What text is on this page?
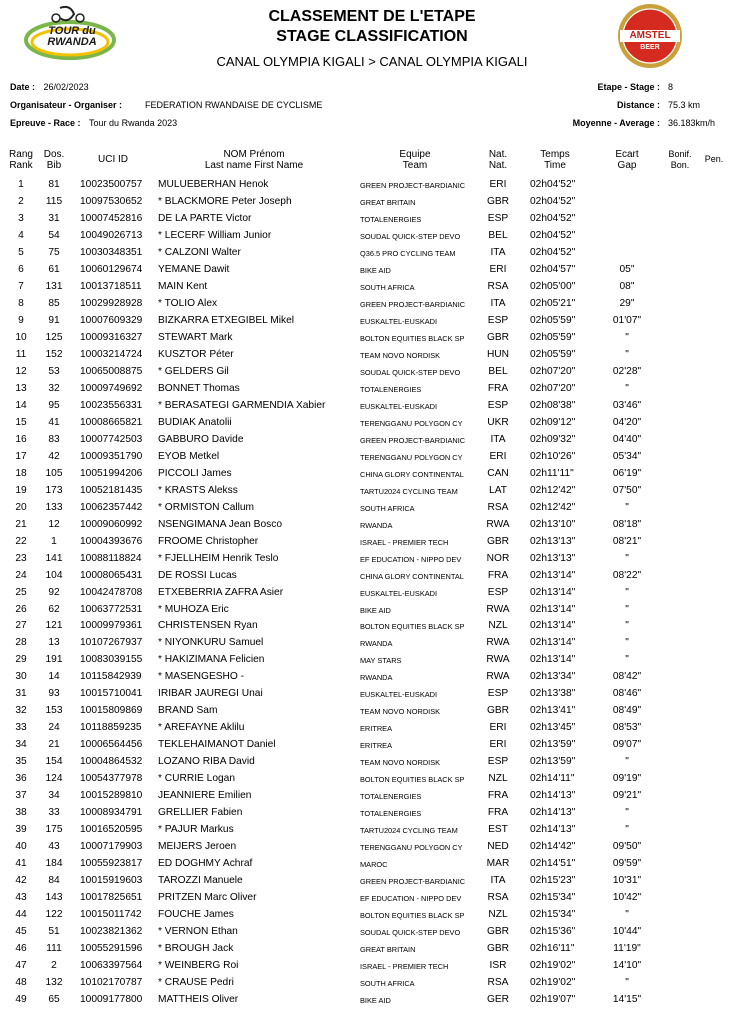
TOUR du RWANDA
AMSTEL
BEER
CLASSEMENT DE L'ETAPE
STAGE CLASSIFICATION
CANAL OLYMPIA KIGALI > CANAL OLYMPIA KIGALI
Date : 26/02/2023
Organisateur - Organiser :	FEDERATION RWANDAISE DE CYCLISME
Epreuve - Race : Tour du Rwanda 2023
Etape - Stage : 8
Distance : 75.3 km
Moyenne - Average : 36.183km/h
Rang
Rank
Dos.
Bib
UCI ID	NOM Prénom
Last name First Name
Equipe
Team
Nat.
Nat.
Temps
Time
Ecart
Gap
Bonif.
Bon.
Pen.
1	81	10023500757 MULUEBERHAN Henok	GREEN PROJECT-BARDIANIC	ERI	02h04'52"
2	115	10097530652 * BLACKMORE Peter Joseph	GREAT BRITAIN	GBR	02h04'52"
3	31	10007452816 DE LA PARTE Victor	TOTALENERGIES	ESP	02h04'52"
4	54	10049026713 * LECERF William Junior	SOUDAL QUICK-STEP DEVO	BEL	02h04'52"
5	75	10030348351 * CALZONI Walter	Q36.5 PRO CYCLING TEAM	ITA	02h04'52"
6	61	10060129674 YEMANE Dawit	BIKE AID	ERI	02h04'57"	05"
7	131	10013718511 MAIN Kent	SOUTH AFRICA	RSA	02h05'00"	08"
8	85	10029928928 * TOLIO Alex	GREEN PROJECT-BARDIANIC	ITA	02h05'21"	29"
9	91	10007609329 BIZKARRA ETXEGIBEL Mikel	EUSKALTEL-EUSKADI	ESP	02h05'59"	01'07"
10	125	10009316327 STEWART Mark	BOLTON EQUITIES BLACK SP	GBR	02h05'59"	"
11	152	10003214724 KUSZTOR Péter	TEAM NOVO NORDISK	HUN	02h05'59"	"
12	53	10065008875 * GELDERS Gil	SOUDAL QUICK-STEP DEVO	BEL	02h07'20"	02'28"
13	32	10009749692 BONNET Thomas	TOTALENERGIES	FRA	02h07'20"	"
14	95	10023556331 * BERASATEGI GARMENDIA Xabier	EUSKALTEL-EUSKADI	ESP	02h08'38"	03'46"
15	41	10008665821 BUDIAK Anatolii	TERENGGANU POLYGON CY	UKR	02h09'12"	04'20"
16	83	10007742503 GABBURO Davide	GREEN PROJECT-BARDIANIC	ITA	02h09'32"	04'40"
17	42	10009351790 EYOB Metkel	TERENGGANU POLYGON CY	ERI	02h10'26"	05'34"
18	105	10051994206 PICCOLI James	CHINA GLORY CONTINENTAL	CAN	02h11'11"	06'19"
19	173	10052181435 * KRASTS Alekss	TARTU2024 CYCLING TEAM	LAT	02h12'42"	07'50"
20	133	10062357442 * ORMISTON Callum	SOUTH AFRICA	RSA	02h12'42"	"
21	12	10009060992 NSENGIMANA Jean Bosco	RWANDA	RWA	02h13'10"	08'18"
22	1	10004393676 FROOME Christopher	ISRAEL - PREMIER TECH	GBR	02h13'13"	08'21"
23	141	10088118824 * FJELLHEIM Henrik Teslo	EF EDUCATION - NIPPO DEV	NOR	02h13'13"	"
24	104	10008065431 DE ROSSI Lucas	CHINA GLORY CONTINENTAL	FRA	02h13'14"	08'22"
25	92	10042478708 ETXEBERRIA ZAFRA Asier	EUSKALTEL-EUSKADI	ESP	02h13'14"	"
26	62	10063772531 * MUHOZA Eric	BIKE AID	RWA	02h13'14"	"
27	121	10009979361 CHRISTENSEN Ryan	BOLTON EQUITIES BLACK SP	NZL	02h13'14"	"
28	13	10107267937 * NIYONKURU Samuel	RWANDA	RWA	02h13'14"	"
29	191	10083039155 * HAKIZIMANA Felicien	MAY STARS	RWA	02h13'14"	"
30	14	10115842939 * MASENGESHO -	RWANDA	RWA	02h13'34"	08'42"
31	93	10015710041 IRIBAR JAUREGI Unai	EUSKALTEL-EUSKADI	ESP	02h13'38"	08'46"
32	153	10015809869 BRAND Sam	TEAM NOVO NORDISK	GBR	02h13'41"	08'49"
33	24	10118859235 * AREFAYNE Aklilu	ERITREA	ERI	02h13'45"	08'53"
34	21	10006564456 TEKLEHAIMANOT Daniel	ERITREA	ERI	02h13'59"	09'07"
35	154	10004864532 LOZANO RIBA David	TEAM NOVO NORDISK	ESP	02h13'59"	"
36	124	10054377978 * CURRIE Logan	BOLTON EQUITIES BLACK SP	NZL	02h14'11"	09'19"
37	34	10015289810 JEANNIERE Emilien	TOTALENERGIES	FRA	02h14'13"	09'21"
38	33	10008934791 GRELLIER Fabien	TOTALENERGIES	FRA	02h14'13"	"
39	175	10016520595 * PAJUR Markus	TARTU2024 CYCLING TEAM	EST	02h14'13"	"
40	43	10007179903 MEIJERS Jeroen	TERENGGANU POLYGON CY	NED	02h14'42"	09'50"
41	184	10055923817 ED DOGHMY Achraf	MAROC	MAR	02h14'51"	09'59"
42	84	10015919603 TAROZZI Manuele	GREEN PROJECT-BARDIANIC	ITA	02h15'23"	10'31"
43	143	10017825651 PRITZEN Marc Oliver	EF EDUCATION - NIPPO DEV	RSA	02h15'34"	10'42"
44	122	10015011742 FOUCHE James	BOLTON EQUITIES BLACK SP	NZL	02h15'34"	"
45	51	10023821362 * VERNON Ethan	SOUDAL QUICK-STEP DEVO	GBR	02h15'36"	10'44"
46	111	10055291596 * BROUGH Jack	GREAT BRITAIN	GBR	02h16'11"	11'19"
47	2	10063397564 * WEINBERG Roi	ISRAEL - PREMIER TECH	ISR	02h19'02"	14'10"
48	132	10102170787 * CRAUSE Pedri	SOUTH AFRICA	RSA	02h19'02"	"
49	65	10009177800 MATTHEIS Oliver	BIKE AID	GER	02h19'07"	14'15"
